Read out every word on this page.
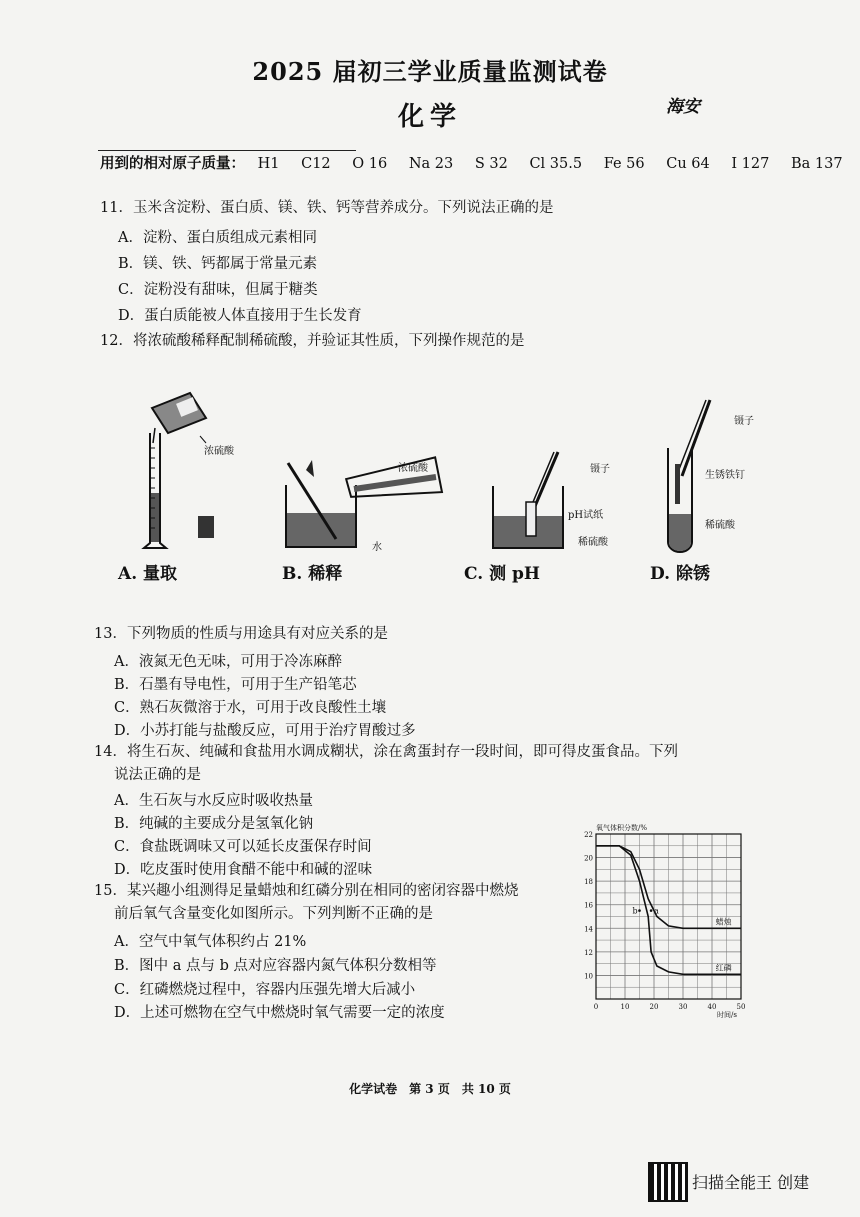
2025 届初三学业质量监测试卷
化学	海安
用到的相对原子质量： H1 C12 O 16 Na 23 S 32 Cl 35.5 Fe 56 Cu 64 I 127 Ba 137
11．玉米含淀粉、蛋白质、镁、铁、钙等营养成分。下列说法正确的是
A．淀粉、蛋白质组成元素相同
B．镁、铁、钙都属于常量元素
C．淀粉没有甜味，但属于糖类
D．蛋白质能被人体直接用于生长发育
12．将浓硫酸稀释配制稀硫酸，并验证其性质，下列操作规范的是
浓硫酸
浓硫酸
水
镊子
pH试纸
稀硫酸
镊子
生锈铁钉
稀硫酸
A. 量取	B. 稀释	C. 测 pH	D. 除锈
13．下列物质的性质与用途具有对应关系的是
A．液氮无色无味，可用于冷冻麻醉
B．石墨有导电性，可用于生产铅笔芯
C．熟石灰微溶于水，可用于改良酸性土壤
D．小苏打能与盐酸反应，可用于治疗胃酸过多
14．将生石灰、纯碱和食盐用水调成糊状，涂在禽蛋封存一段时间，即可得皮蛋食品。下列
说法正确的是
A．生石灰与水反应时吸收热量
B．纯碱的主要成分是氢氧化钠
C．食盐既调味又可以延长皮蛋保存时间
D．吃皮蛋时使用食醋不能中和碱的涩味
15．某兴趣小组测得足量蜡烛和红磷分别在相同的密闭容器中燃烧
前后氧气含量变化如图所示。下列判断不正确的是
A．空气中氧气体积约占 21%
B．图中 a 点与 b 点对应容器内氮气体积分数相等
C．红磷燃烧过程中，容器内压强先增大后减小
D．上述可燃物在空气中燃烧时氧气需要一定的浓度	0	10	20	30	40	50
10
12
14
16
18
20
22
氧气体积分数/%
时间/s
蜡烛
红磷
b a
化学试卷　第 3 页　共 10 页
扫描全能王 创建
